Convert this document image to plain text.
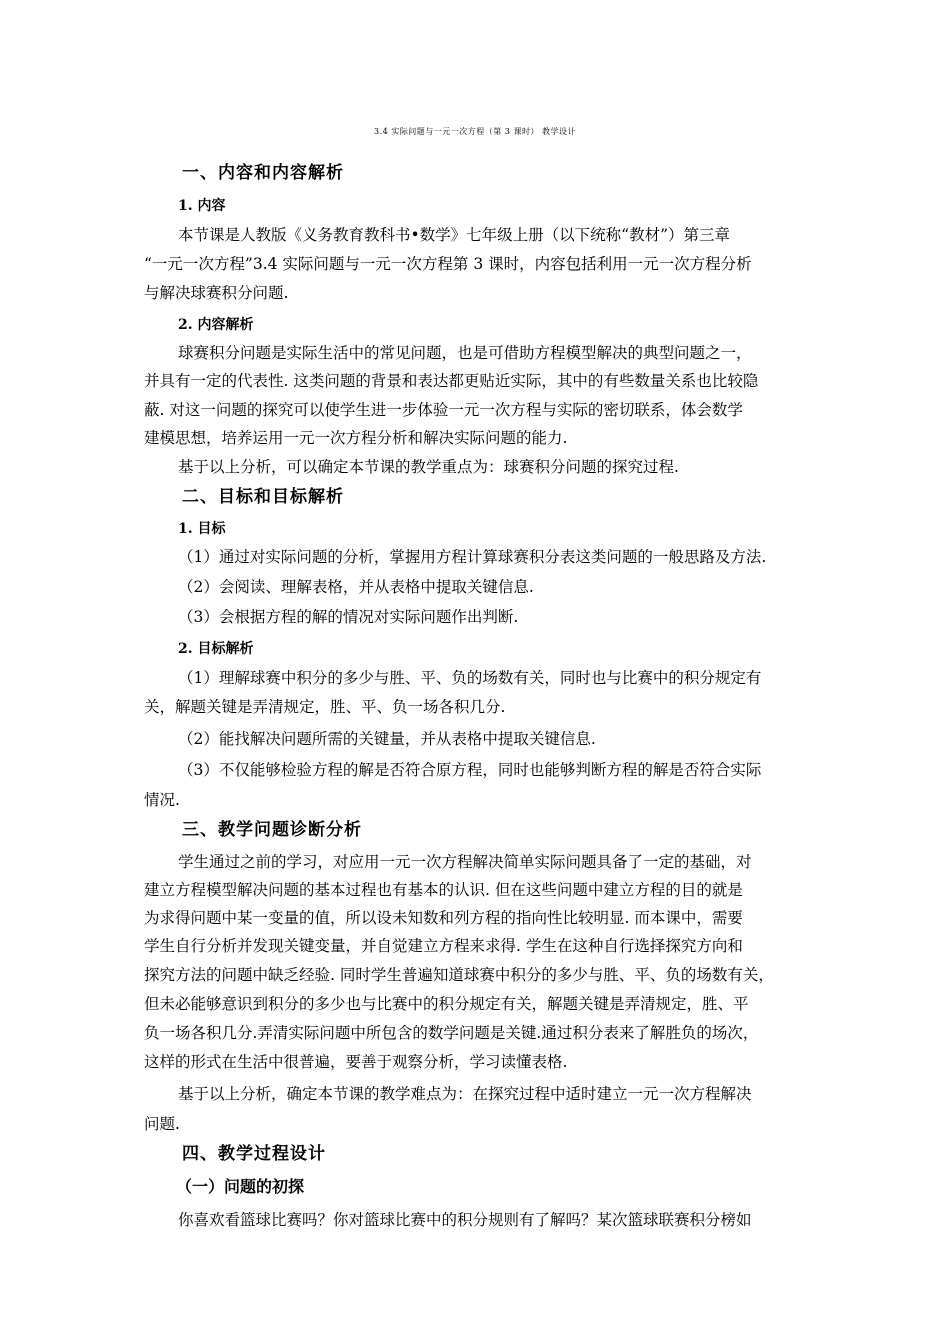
3.4 实际问题与一元一次方程（第 3 课时） 教学设计
一、内容和内容解析
1. 内容
本节课是人教版《义务教育教科书•数学》七年级上册（以下统称“教材”）第三章
“一元一次方程”3.4 实际问题与一元一次方程第 3 课时，内容包括利用一元一次方程分析
与解决球赛积分问题.
2. 内容解析
球赛积分问题是实际生活中的常见问题，也是可借助方程模型解决的典型问题之一，
并具有一定的代表性. 这类问题的背景和表达都更贴近实际，其中的有些数量关系也比较隐
蔽. 对这一问题的探究可以使学生进一步体验一元一次方程与实际的密切联系，体会数学
建模思想，培养运用一元一次方程分析和解决实际问题的能力.
基于以上分析，可以确定本节课的教学重点为：球赛积分问题的探究过程.
二、目标和目标解析
1. 目标
（1）通过对实际问题的分析，掌握用方程计算球赛积分表这类问题的一般思路及方法.
（2）会阅读、理解表格，并从表格中提取关键信息.
（3）会根据方程的解的情况对实际问题作出判断.
2. 目标解析
（1）理解球赛中积分的多少与胜、平、负的场数有关，同时也与比赛中的积分规定有
关，解题关键是弄清规定，胜、平、负一场各积几分.
（2）能找解决问题所需的关键量，并从表格中提取关键信息.
（3）不仅能够检验方程的解是否符合原方程，同时也能够判断方程的解是否符合实际
情况.
三、教学问题诊断分析
学生通过之前的学习，对应用一元一次方程解决简单实际问题具备了一定的基础，对
建立方程模型解决问题的基本过程也有基本的认识. 但在这些问题中建立方程的目的就是
为求得问题中某一变量的值，所以设未知数和列方程的指向性比较明显. 而本课中，需要
学生自行分析并发现关键变量，并自觉建立方程来求得. 学生在这种自行选择探究方向和
探究方法的问题中缺乏经验. 同时学生普遍知道球赛中积分的多少与胜、平、负的场数有关，
但未必能够意识到积分的多少也与比赛中的积分规定有关，解题关键是弄清规定，胜、平
负一场各积几分.弄清实际问题中所包含的数学问题是关键.通过积分表来了解胜负的场次，
这样的形式在生活中很普遍，要善于观察分析，学习读懂表格.
基于以上分析，确定本节课的教学难点为：在探究过程中适时建立一元一次方程解决
问题.
四、教学过程设计
（一）问题的初探
你喜欢看篮球比赛吗？你对篮球比赛中的积分规则有了解吗？某次篮球联赛积分榜如
